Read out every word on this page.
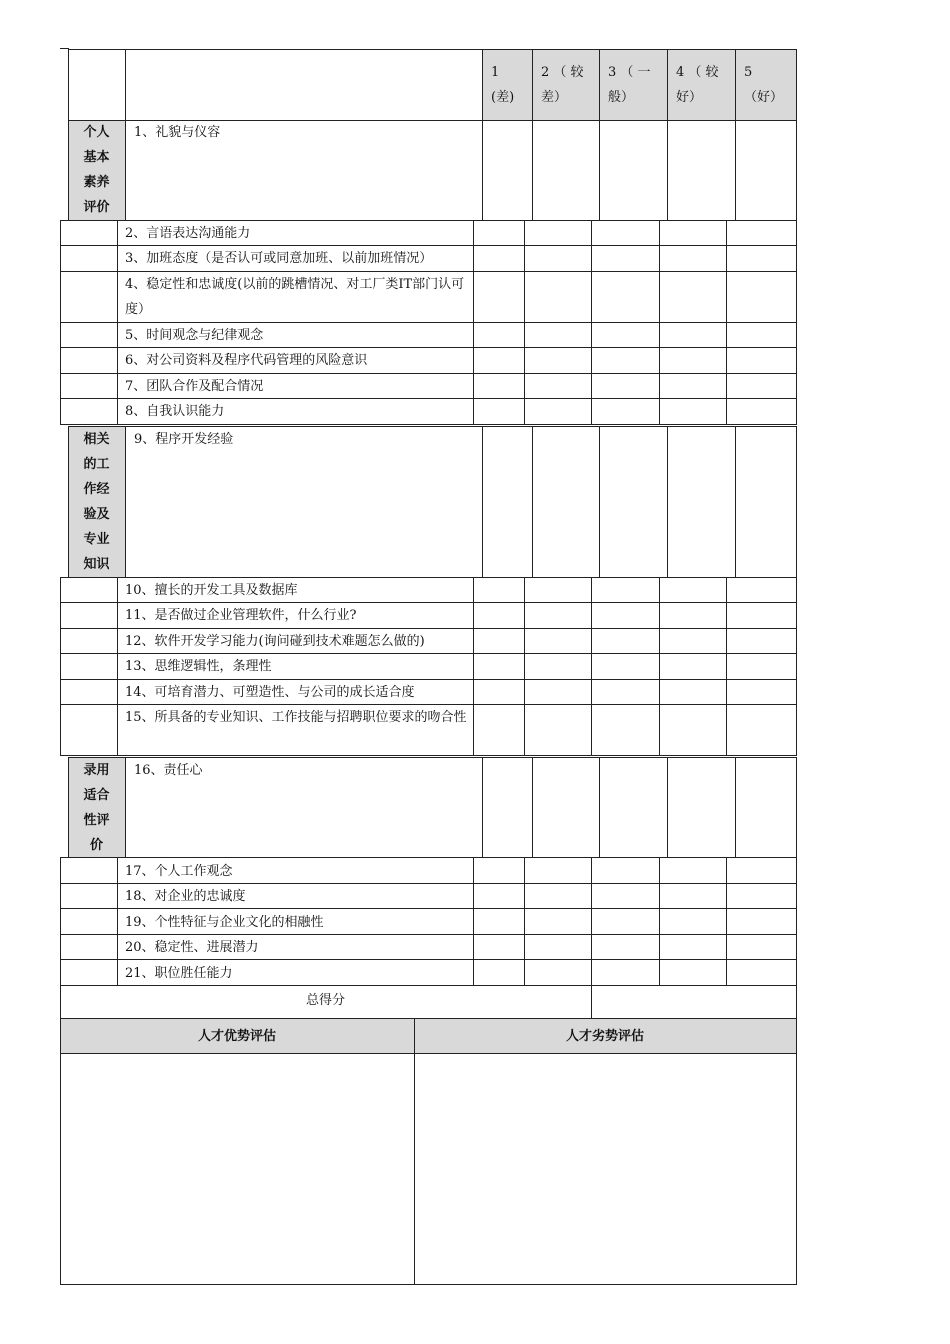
1
(差)
2 （ 较
差）
3 （ 一
般）
4 （ 较
好）
5
（好）
个人
基本
素养
评价
1、礼貌与仪容
2、言语表达沟通能力
3、加班态度（是否认可或同意加班、以前加班情况）
4、稳定性和忠诚度(以前的跳槽情况、对工厂类IT部门认可度）
5、时间观念与纪律观念
6、对公司资料及程序代码管理的风险意识
7、团队合作及配合情况
8、自我认识能力
相关
的工
作经
验及
专业
知识
9、程序开发经验
10、擅长的开发工具及数据库
11、是否做过企业管理软件，什么行业?
12、软件开发学习能力(询问碰到技术难题怎么做的)
13、思维逻辑性，条理性
14、可培育潜力、可塑造性、与公司的成长适合度
15、所具备的专业知识、工作技能与招聘职位要求的吻合性
录用
适合
性评
价
16、责任心
17、个人工作观念
18、对企业的忠诚度
19、个性特征与企业文化的相融性
20、稳定性、进展潜力
21、职位胜任能力
总得分
人才优势评估	人才劣势评估
